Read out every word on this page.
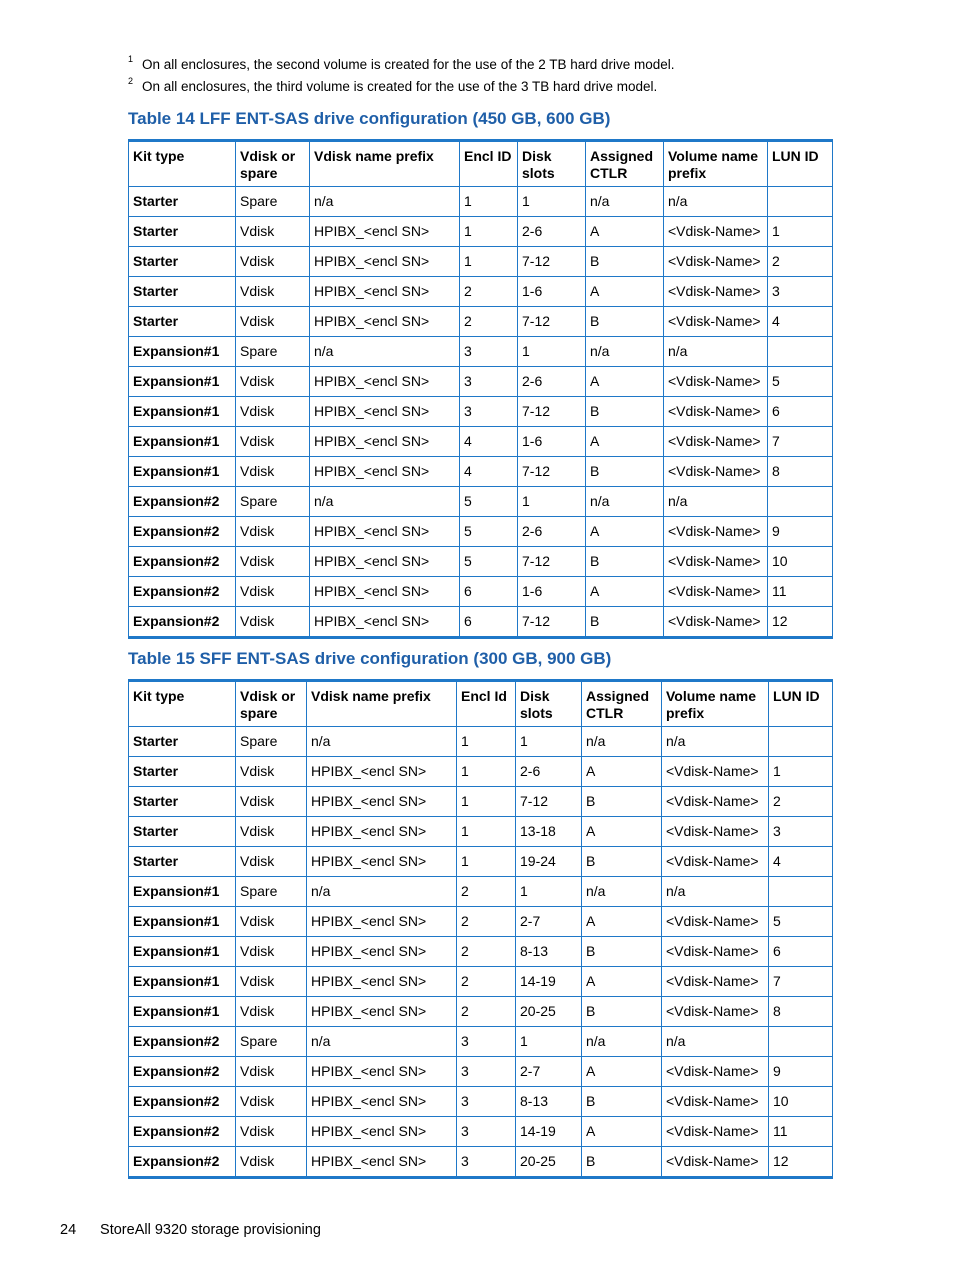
1 On all enclosures, the second volume is created for the use of the 2 TB hard drive model.
2 On all enclosures, the third volume is created for the use of the 3 TB hard drive model.
Table 14 LFF ENT-SAS drive configuration (450 GB, 600 GB)
Kit type	Vdisk or spare	Vdisk name prefix	Encl ID	Disk slots	Assigned CTLR	Volume name prefix	LUN ID
Starter	Spare	n/a	1	1	n/a	n/a	
Starter	Vdisk	HPIBX_<encl SN>	1	2-6	A	<Vdisk-Name>	1
Starter	Vdisk	HPIBX_<encl SN>	1	7-12	B	<Vdisk-Name>	2
Starter	Vdisk	HPIBX_<encl SN>	2	1-6	A	<Vdisk-Name>	3
Starter	Vdisk	HPIBX_<encl SN>	2	7-12	B	<Vdisk-Name>	4
Expansion#1	Spare	n/a	3	1	n/a	n/a	
Expansion#1	Vdisk	HPIBX_<encl SN>	3	2-6	A	<Vdisk-Name>	5
Expansion#1	Vdisk	HPIBX_<encl SN>	3	7-12	B	<Vdisk-Name>	6
Expansion#1	Vdisk	HPIBX_<encl SN>	4	1-6	A	<Vdisk-Name>	7
Expansion#1	Vdisk	HPIBX_<encl SN>	4	7-12	B	<Vdisk-Name>	8
Expansion#2	Spare	n/a	5	1	n/a	n/a	
Expansion#2	Vdisk	HPIBX_<encl SN>	5	2-6	A	<Vdisk-Name>	9
Expansion#2	Vdisk	HPIBX_<encl SN>	5	7-12	B	<Vdisk-Name>	10
Expansion#2	Vdisk	HPIBX_<encl SN>	6	1-6	A	<Vdisk-Name>	11
Expansion#2	Vdisk	HPIBX_<encl SN>	6	7-12	B	<Vdisk-Name>	12
Table 15 SFF ENT-SAS drive configuration (300 GB, 900 GB)
Kit type	Vdisk or spare	Vdisk name prefix	Encl Id	Disk slots	Assigned CTLR	Volume name prefix	LUN ID
Starter	Spare	n/a	1	1	n/a	n/a	
Starter	Vdisk	HPIBX_<encl SN>	1	2-6	A	<Vdisk-Name>	1
Starter	Vdisk	HPIBX_<encl SN>	1	7-12	B	<Vdisk-Name>	2
Starter	Vdisk	HPIBX_<encl SN>	1	13-18	A	<Vdisk-Name>	3
Starter	Vdisk	HPIBX_<encl SN>	1	19-24	B	<Vdisk-Name>	4
Expansion#1	Spare	n/a	2	1	n/a	n/a	
Expansion#1	Vdisk	HPIBX_<encl SN>	2	2-7	A	<Vdisk-Name>	5
Expansion#1	Vdisk	HPIBX_<encl SN>	2	8-13	B	<Vdisk-Name>	6
Expansion#1	Vdisk	HPIBX_<encl SN>	2	14-19	A	<Vdisk-Name>	7
Expansion#1	Vdisk	HPIBX_<encl SN>	2	20-25	B	<Vdisk-Name>	8
Expansion#2	Spare	n/a	3	1	n/a	n/a	
Expansion#2	Vdisk	HPIBX_<encl SN>	3	2-7	A	<Vdisk-Name>	9
Expansion#2	Vdisk	HPIBX_<encl SN>	3	8-13	B	<Vdisk-Name>	10
Expansion#2	Vdisk	HPIBX_<encl SN>	3	14-19	A	<Vdisk-Name>	11
Expansion#2	Vdisk	HPIBX_<encl SN>	3	20-25	B	<Vdisk-Name>	12
24 StoreAll 9320 storage provisioning
